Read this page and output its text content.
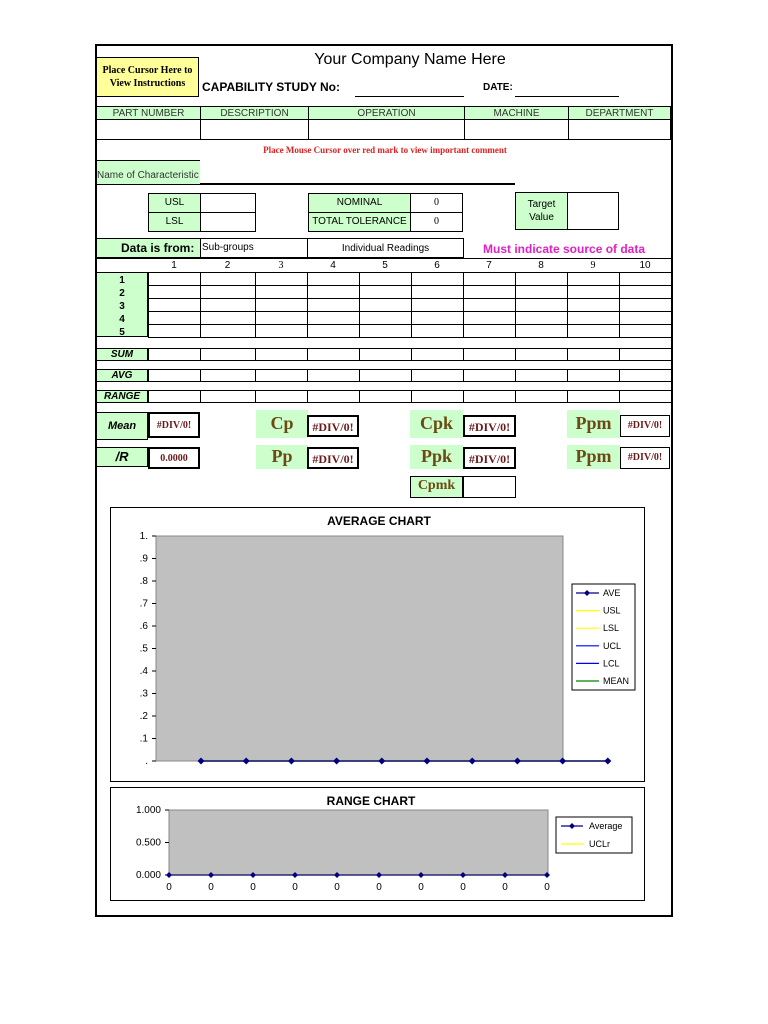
Place Cursor Here to View Instructions
Your Company Name Here
CAPABILITY STUDY No:	DATE:
PART NUMBER	DESCRIPTION	OPERATION	MACHINE	DEPARTMENT
Place Mouse Cursor over red mark to view important comment
Name of Characteristic
USL
LSL
NOMINAL	0
TOTAL TOLERANCE	0
Target Value
Data is from: Sub-groups	Individual Readings	Must indicate source of data
1	2	3	4	5	6	7	8	9	10
1
2
3
4
5
SUM
AVG
RANGE
Mean	#DIV/0!
/R	0.0000
Cp	#DIV/0!
Pp	#DIV/0!
Cpk	#DIV/0!
Ppk	#DIV/0!
Ppm	#DIV/0!
Ppm	#DIV/0!
Cpmk
AVERAGE CHART
1.
.9
.8
.7
.6
.5
.4
.3
.2
.1
.
AVE
USL
LSL
UCL
LCL
MEAN
RANGE CHART
1.000
0.500
0.000
0	0	0	0	0	0	0	0	0	0
Average
UCLr
